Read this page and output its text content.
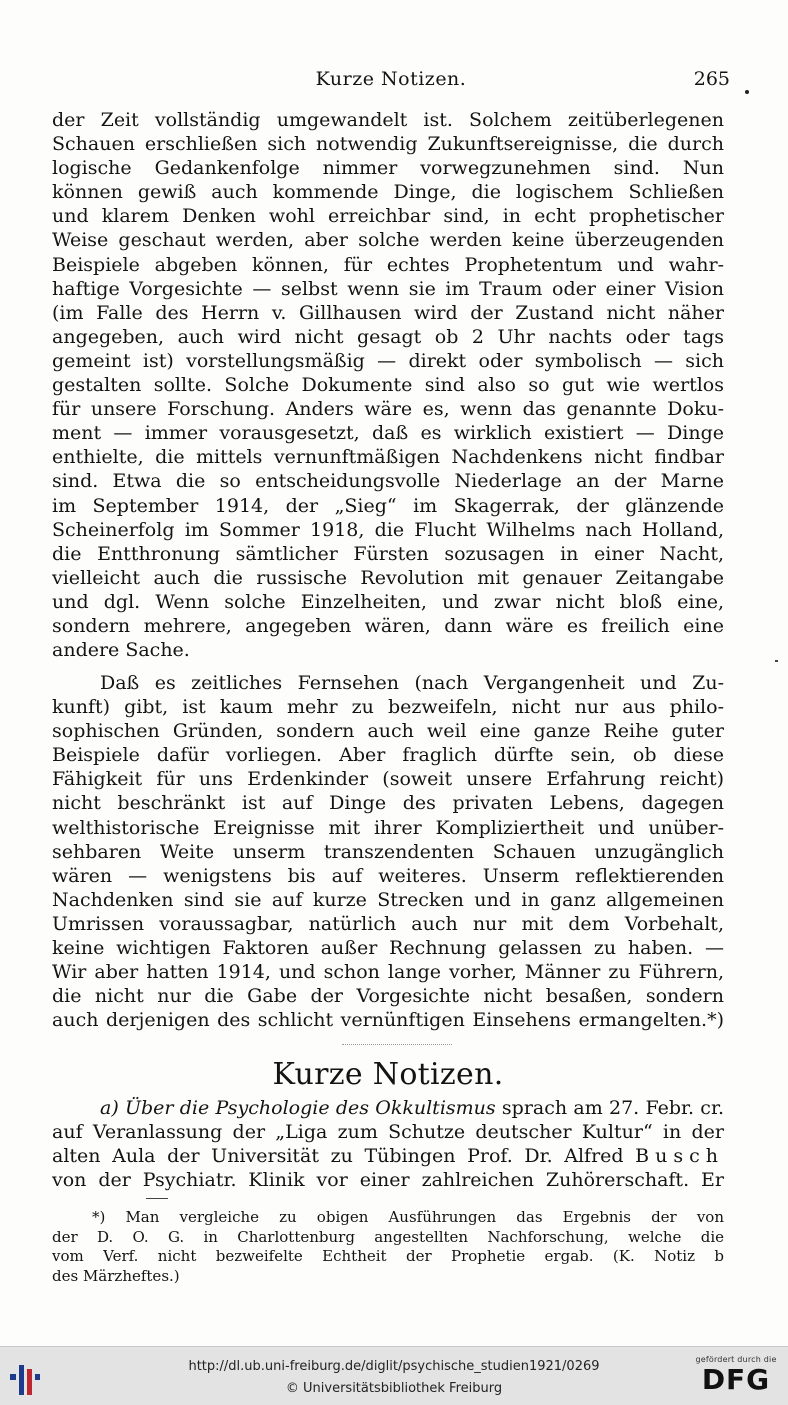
Kurze Notizen.	265
der Zeit vollständig umgewandelt ist. Solchem zeitüberlegenen
Schauen erschließen sich notwendig Zukunftsereignisse, die durch
logische Gedankenfolge nimmer vorwegzunehmen sind. Nun
können gewiß auch kommende Dinge, die logischem Schließen
und klarem Denken wohl erreichbar sind, in echt prophetischer
Weise geschaut werden, aber solche werden keine überzeugenden
Beispiele abgeben können, für echtes Prophetentum und wahr-
haftige Vorgesichte — selbst wenn sie im Traum oder einer Vision
(im Falle des Herrn v. Gillhausen wird der Zustand nicht näher
angegeben, auch wird nicht gesagt ob 2 Uhr nachts oder tags
gemeint ist) vorstellungsmäßig — direkt oder symbolisch — sich
gestalten sollte. Solche Dokumente sind also so gut wie wertlos
für unsere Forschung. Anders wäre es, wenn das genannte Doku-
ment — immer vorausgesetzt, daß es wirklich existiert — Dinge
enthielte, die mittels vernunftmäßigen Nachdenkens nicht findbar
sind. Etwa die so entscheidungsvolle Niederlage an der Marne
im September 1914, der „Sieg“ im Skagerrak, der glänzende
Scheinerfolg im Sommer 1918, die Flucht Wilhelms nach Holland,
die Entthronung sämtlicher Fürsten sozusagen in einer Nacht,
vielleicht auch die russische Revolution mit genauer Zeitangabe
und dgl. Wenn solche Einzelheiten, und zwar nicht bloß eine,
sondern mehrere, angegeben wären, dann wäre es freilich eine
andere Sache.
Daß es zeitliches Fernsehen (nach Vergangenheit und Zu-
kunft) gibt, ist kaum mehr zu bezweifeln, nicht nur aus philo-
sophischen Gründen, sondern auch weil eine ganze Reihe guter
Beispiele dafür vorliegen. Aber fraglich dürfte sein, ob diese
Fähigkeit für uns Erdenkinder (soweit unsere Erfahrung reicht)
nicht beschränkt ist auf Dinge des privaten Lebens, dagegen
welthistorische Ereignisse mit ihrer Kompliziertheit und unüber-
sehbaren Weite unserm transzendenten Schauen unzugänglich
wären — wenigstens bis auf weiteres. Unserm reflektierenden
Nachdenken sind sie auf kurze Strecken und in ganz allgemeinen
Umrissen voraussagbar, natürlich auch nur mit dem Vorbehalt,
keine wichtigen Faktoren außer Rechnung gelassen zu haben. —
Wir aber hatten 1914, und schon lange vorher, Männer zu Führern,
die nicht nur die Gabe der Vorgesichte nicht besaßen, sondern
auch derjenigen des schlicht vernünftigen Einsehens ermangelten.*)
Kurze Notizen.
a) Über die Psychologie des Okkultismus sprach am 27. Febr. cr.
auf Veranlassung der „Liga zum Schutze deutscher Kultur“ in der
alten Aula der Universität zu Tübingen Prof. Dr. Alfred Busch
von der Psychiatr. Klinik vor einer zahlreichen Zuhörerschaft. Er
*) Man vergleiche zu obigen Ausführungen das Ergebnis der von
der D. O. G. in Charlottenburg angestellten Nachforschung, welche die
vom Verf. nicht bezweifelte Echtheit der Prophetie ergab. (K. Notiz b
des Märzheftes.)
http://dl.ub.uni-freiburg.de/diglit/psychische_studien1921/0269
© Universitätsbibliothek Freiburg
gefördert durch die
DFG
